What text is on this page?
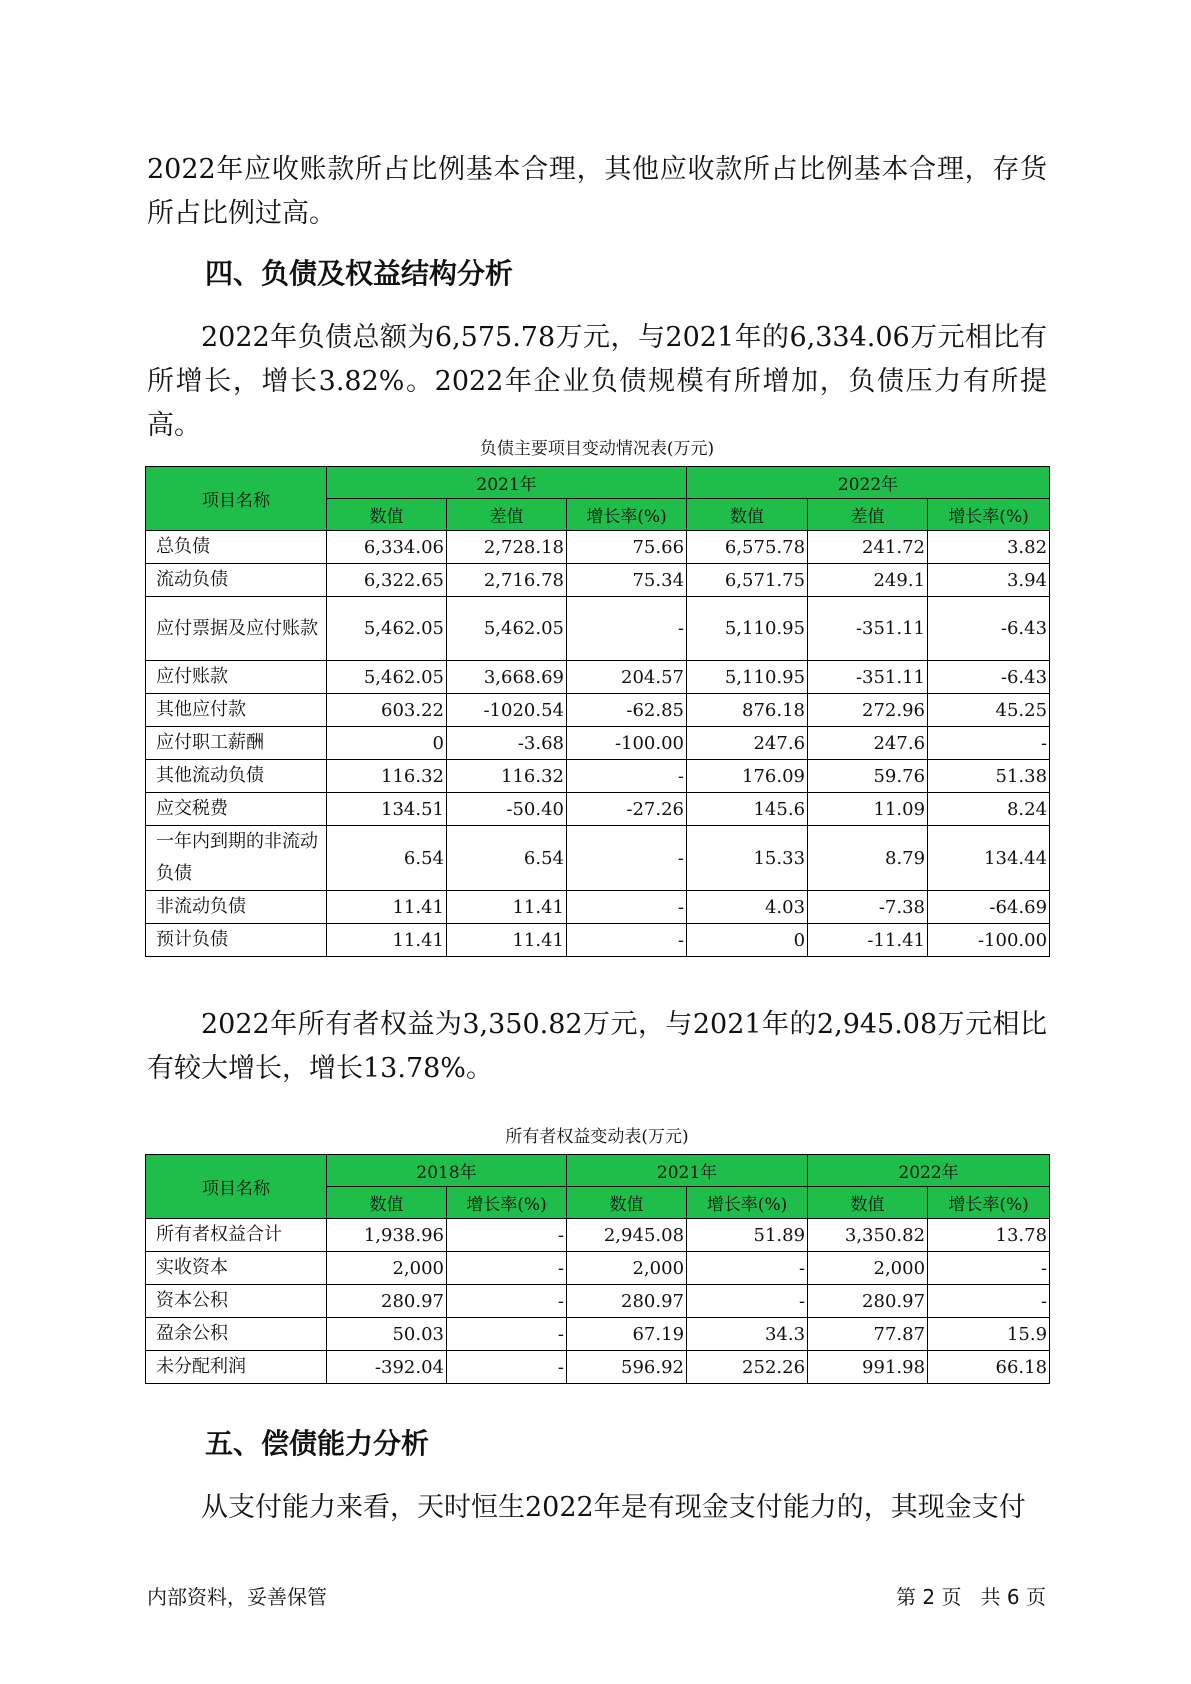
2022年应收账款所占比例基本合理，其他应收款所占比例基本合理，存货所占比例过高。
四、负债及权益结构分析
2022年负债总额为6,575.78万元，与2021年的6,334.06万元相比有所增长，增长3.82%。2022年企业负债规模有所增加，负债压力有所提高。
负债主要项目变动情况表(万元)
项目名称	2021年			2022年		
	数值	差值	增长率(%)	数值	差值	增长率(%)
总负债	6,334.06	2,728.18	75.66	6,575.78	241.72	3.82
流动负债	6,322.65	2,716.78	75.34	6,571.75	249.1	3.94
应付票据及应付账款	5,462.05	5,462.05	-	5,110.95	-351.11	-6.43
应付账款	5,462.05	3,668.69	204.57	5,110.95	-351.11	-6.43
其他应付款	603.22	-1020.54	-62.85	876.18	272.96	45.25
应付职工薪酬	0	-3.68	-100.00	247.6	247.6	-
其他流动负债	116.32	116.32	-	176.09	59.76	51.38
应交税费	134.51	-50.40	-27.26	145.6	11.09	8.24
一年内到期的非流动负债	6.54	6.54	-	15.33	8.79	134.44
非流动负债	11.41	11.41	-	4.03	-7.38	-64.69
预计负债	11.41	11.41	-	0	-11.41	-100.00
2022年所有者权益为3,350.82万元，与2021年的2,945.08万元相比有较大增长，增长13.78%。
所有者权益变动表(万元)
项目名称	2018年		2021年		2022年	
	数值	增长率(%)	数值	增长率(%)	数值	增长率(%)
所有者权益合计	1,938.96	-	2,945.08	51.89	3,350.82	13.78
实收资本	2,000	-	2,000	-	2,000	-
资本公积	280.97	-	280.97	-	280.97	-
盈余公积	50.03	-	67.19	34.3	77.87	15.9
未分配利润	-392.04	-	596.92	252.26	991.98	66.18
五、偿债能力分析
从支付能力来看，天时恒生2022年是有现金支付能力的，其现金支付
内部资料，妥善保管	第 2 页   共 6 页
